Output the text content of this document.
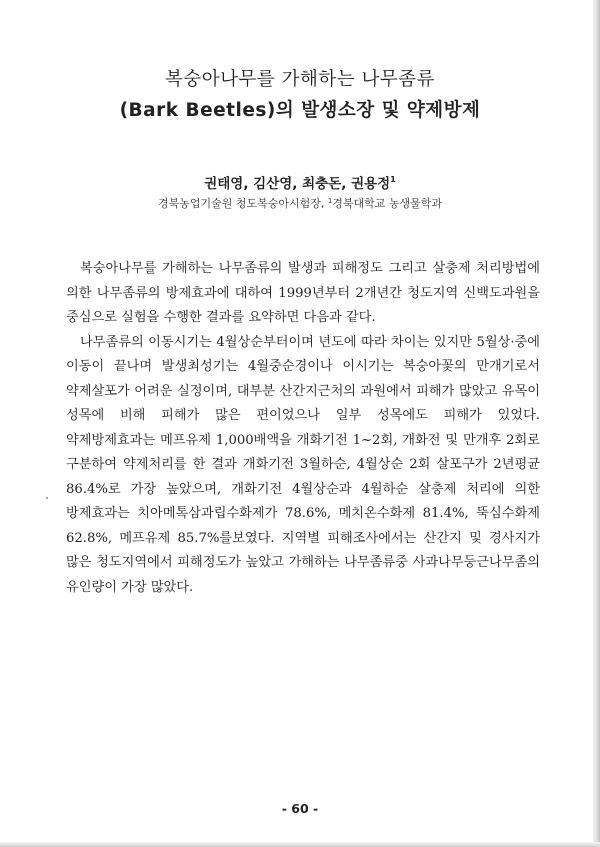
복숭아나무를 가해하는 나무좀류
(Bark Beetles)의 발생소장 및 약제방제
권태영, 김산영, 최충돈, 권용정$^1$
경북농업기술원 청도복숭아시험장, $^1$경북대학교 농생물학과

복숭아나무를 가해하는 나무좀류의 발생과 피해정도 그리고 살충제 처리방법에 의한 나무좀류의 방제효과에 대하여 1999년부터 2개년간 청도지역 신백도과원을 중심으로 실험을 수행한 결과를 요약하면 다음과 같다.

나무좀류의 이동시기는 4월상순부터이며 년도에 따라 차이는 있지만 5월상·중에 이동이 끝나며 발생최성기는 4월중순경이나 이시기는 복숭아꽃의 만개기로서 약제살포가 어려운 실정이며, 대부분 산간지근처의 과원에서 피해가 많았고 유목이 성목에 비해 피해가 많은 편이었으나 일부 성목에도 피해가 있었다. 약제방제효과는 메프유제 1,000배액을 개화기전 1~2회, 개화전 및 만개후 2회로 구분하여 약제처리를 한 결과 개화기전 3월하순, 4월상순 2회 살포구가 2년평균 86.4%로 가장 높았으며, 개화기전 4월상순과 4월하순 살충제 처리에 의한 방제효과는 치아메톡삼과립수화제가 78.6%, 메치온수화제 81.4%, 뚝심수화제 62.8%, 메프유제 85.7%를보였다. 지역별 피해조사에서는 산간지 및 경사지가 많은 청도지역에서 피해정도가 높았고 가해하는 나무좀류중 사과나무둥근나무좀의 유인량이 가장 많았다.

- 60 -
